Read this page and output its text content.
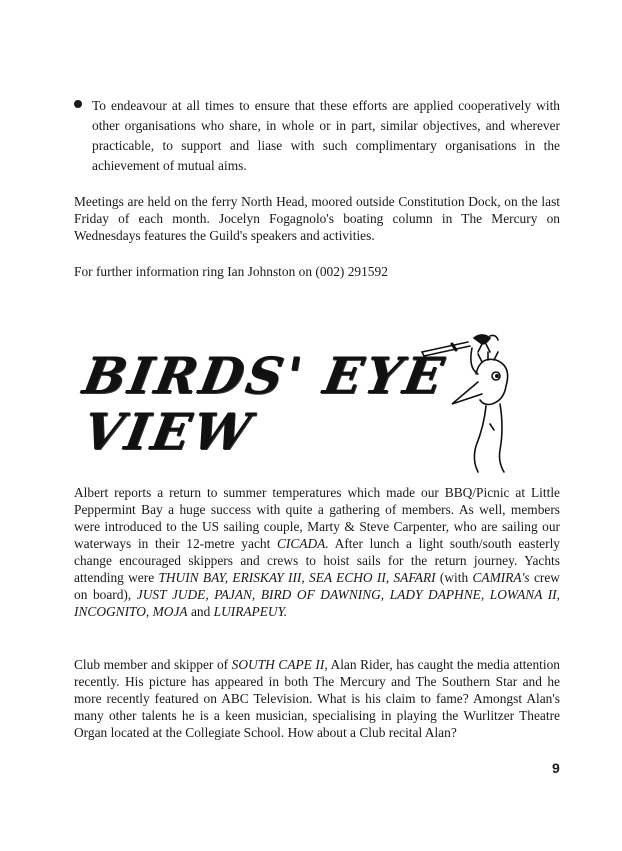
To endeavour at all times to ensure that these efforts are applied cooperatively with other organisations who share, in whole or in part, similar objectives, and wherever practicable, to support and liase with such complimentary organisations in the achievement of mutual aims.
Meetings are held on the ferry North Head, moored outside Constitution Dock, on the last Friday of each month. Jocelyn Fogagnolo's boating column in The Mercury on Wednesdays features the Guild's speakers and activities.
For further information ring Ian Johnston on (002) 291592
BIRDS' EYE
VIEW
Albert reports a return to summer temperatures which made our BBQ/Picnic at Little Peppermint Bay a huge success with quite a gathering of members. As well, members were introduced to the US sailing couple, Marty & Steve Carpenter, who are sailing our waterways in their 12-metre yacht CICADA. After lunch a light south/south easterly change encouraged skippers and crews to hoist sails for the return journey. Yachts attending were THUIN BAY, ERISKAY III, SEA ECHO II, SAFARI (with CAMIRA's crew on board), JUST JUDE, PAJAN, BIRD OF DAWNING, LADY DAPHNE, LOWANA II, INCOGNITO, MOJA and LUIRAPEUY.
Club member and skipper of SOUTH CAPE II, Alan Rider, has caught the media attention recently. His picture has appeared in both The Mercury and The Southern Star and he more recently featured on ABC Television. What is his claim to fame? Amongst Alan's many other talents he is a keen musician, specialising in playing the Wurlitzer Theatre Organ located at the Collegiate School. How about a Club recital Alan?
9
